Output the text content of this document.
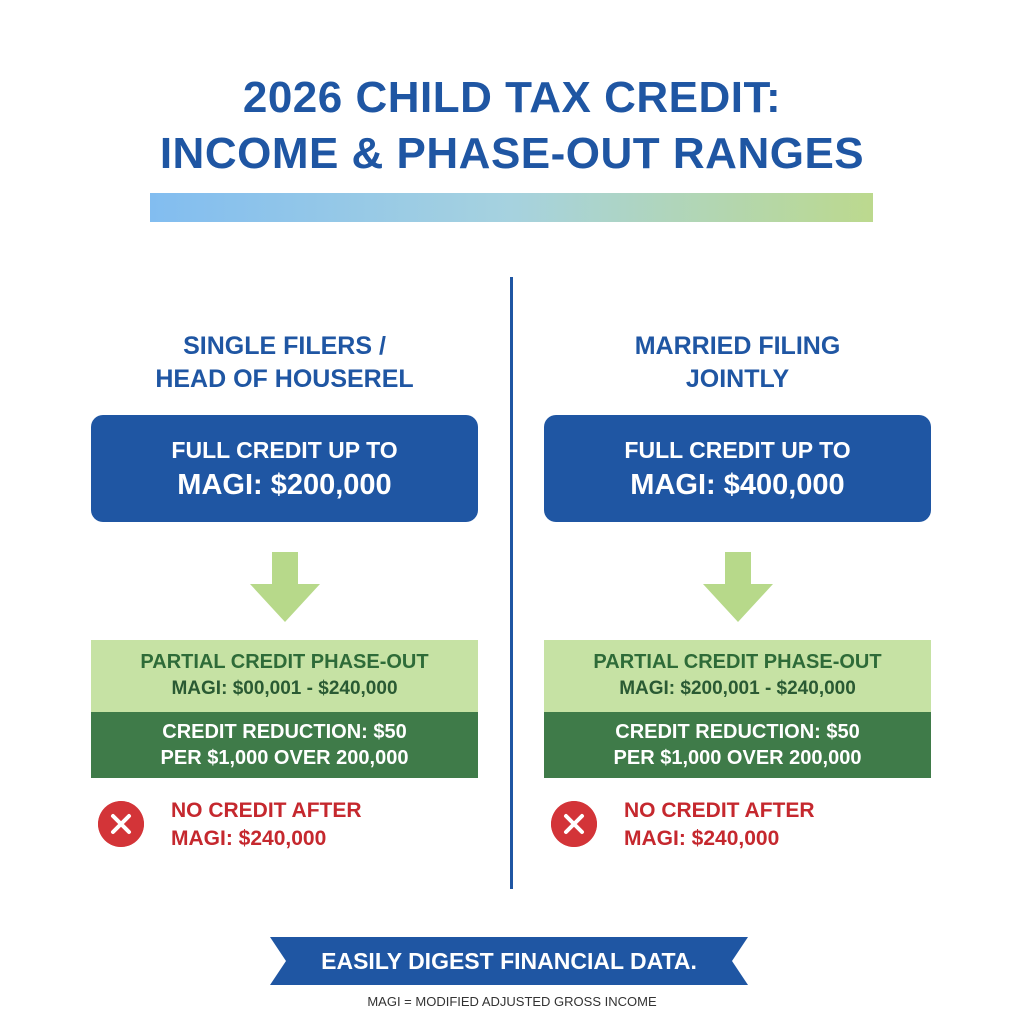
2026 CHILD TAX CREDIT:
INCOME & PHASE-OUT RANGES
SINGLE FILERS /
HEAD OF HOUSEREL
FULL CREDIT UP TO
MAGI: $200,000
PARTIAL CREDIT PHASE-OUT
MAGI: $00,001 - $240,000
CREDIT REDUCTION: $50
PER $1,000 OVER 200,000
NO CREDIT AFTER
MAGI: $240,000
MARRIED FILING
JOINTLY
FULL CREDIT UP TO
MAGI: $400,000
PARTIAL CREDIT PHASE-OUT
MAGI: $200,001 - $240,000
CREDIT REDUCTION: $50
PER $1,000 OVER 200,000
NO CREDIT AFTER
MAGI: $240,000
EASILY DIGEST FINANCIAL DATA.
MAGI = MODIFIED ADJUSTED GROSS INCOME
